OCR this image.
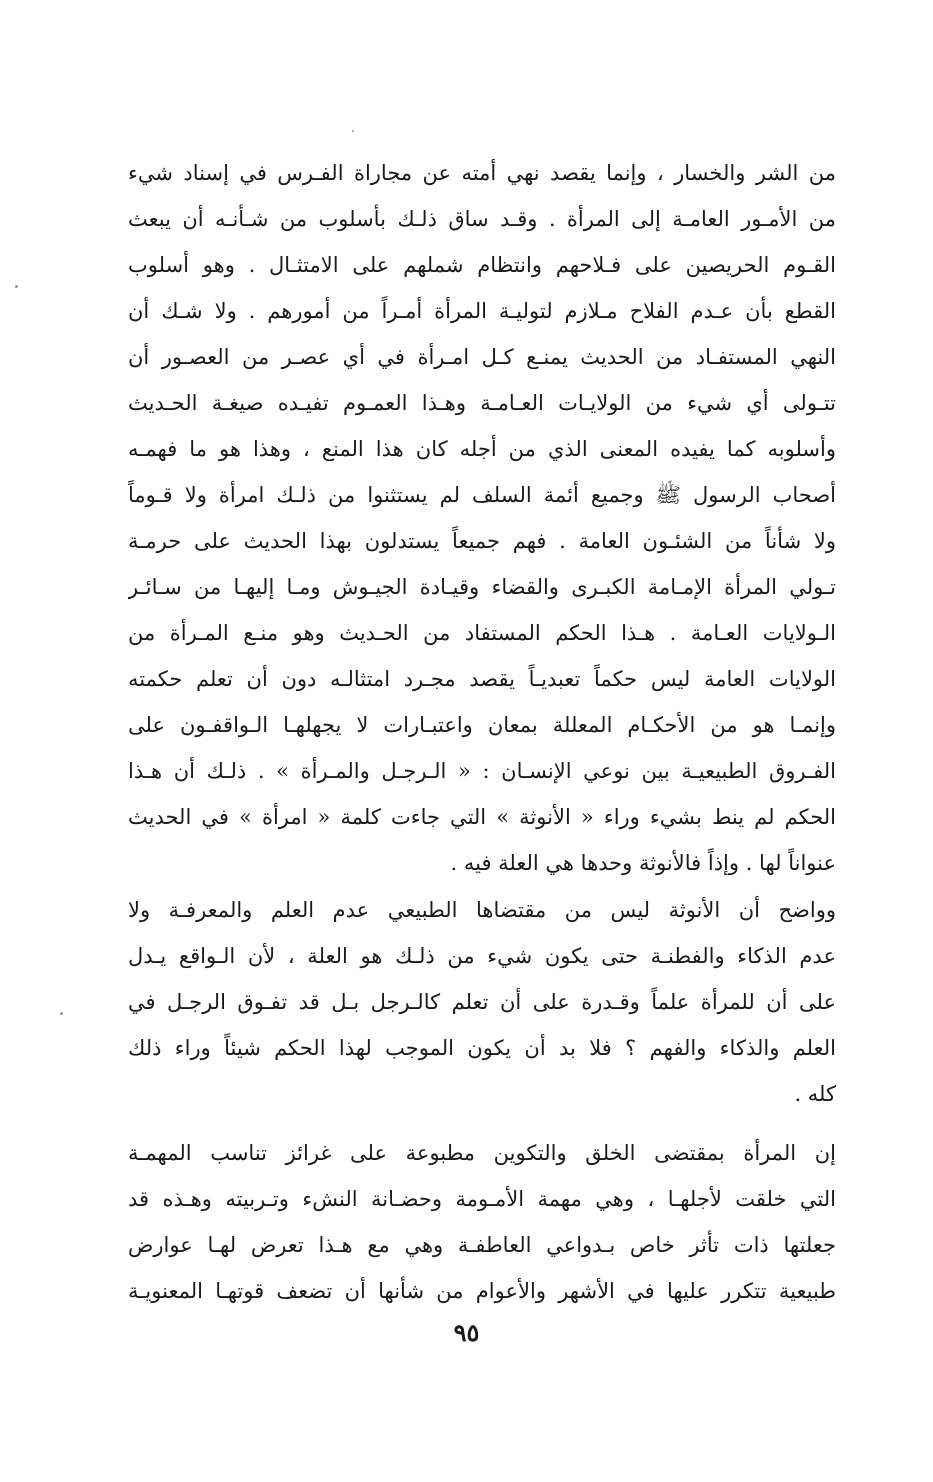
من الشر والخسار ، وإنما يقصد نهي أمته عن مجاراة الفـرس في إسناد شيء
من الأمـور العامـة إلى المرأة . وقـد ساق ذلـك بأسلوب من شـأنـه أن يبعث
القـوم الحريصين على فـلاحهم وانتظام شملهم على الامتثـال . وهو أسلوب
القطع بأن عـدم الفلاح مـلازم لتوليـة المرأة أمـراً من أمورهم . ولا شـك أن
النهي المستفـاد من الحديث يمنـع كـل امـرأة في أي عصـر من العصـور أن
تتـولى أي شيء من الولايـات العـامـة وهـذا العمـوم تفيـده صيغـة الحـديث
وأسلوبه كما يفيده المعنى الذي من أجله كان هذا المنع ، وهذا هو ما فهمـه
أصحاب الرسول ﷺ وجميع أئمة السلف لم يستثنوا من ذلـك امرأة ولا قـوماً
ولا شأناً من الشئـون العامة . فهم جميعاً يستدلون بهذا الحديث على حرمـة
تـولي المرأة الإمـامة الكبـرى والقضاء وقيـادة الجيـوش ومـا إليهـا من سـائـر
الـولايات العـامة . هـذا الحكم المستفاد من الحـديث وهو منـع المـرأة من
الولايات العامة ليس حكماً تعبديـاً يقصد مجـرد امتثالـه دون أن تعلم حكمته
وإنمـا هو من الأحكـام المعللة بمعان واعتبـارات لا يجهلهـا الـواقفـون على
الفـروق الطبيعيـة بين نوعي الإنسـان : « الـرجـل والمـرأة » . ذلـك أن هـذا
الحكم لم ينط بشيء وراء « الأنوثة » التي جاءت كلمة « امرأة » في الحديث
عنواناً لها . وإذاً فالأنوثة وحدها هي العلة فيه .
وواضح أن الأنوثة ليس من مقتضاها الطبيعي عدم العلم والمعرفـة ولا
عدم الذكاء والفطنـة حتى يكون شيء من ذلـك هو العلة ، لأن الـواقع يـدل
على أن للمرأة علماً وقـدرة على أن تعلم كالـرجل بـل قد تفـوق الرجـل في
العلم والذكاء والفهم ؟ فلا بد أن يكون الموجب لهذا الحكم شيئاً وراء ذلك
كله .
إن المرأة بمقتضى الخلق والتكوين مطبوعة على غرائز تناسب المهمـة
التي خلقت لأجلهـا ، وهي مهمة الأمـومة وحضـانة النشء وتـربيته وهـذه قد
جعلتها ذات تأثر خاص بـدواعي العاطفـة وهي مع هـذا تعرض لهـا عوارض
طبيعية تتكرر عليها في الأشهر والأعوام من شأنها أن تضعف قوتهـا المعنويـة
٩٥
